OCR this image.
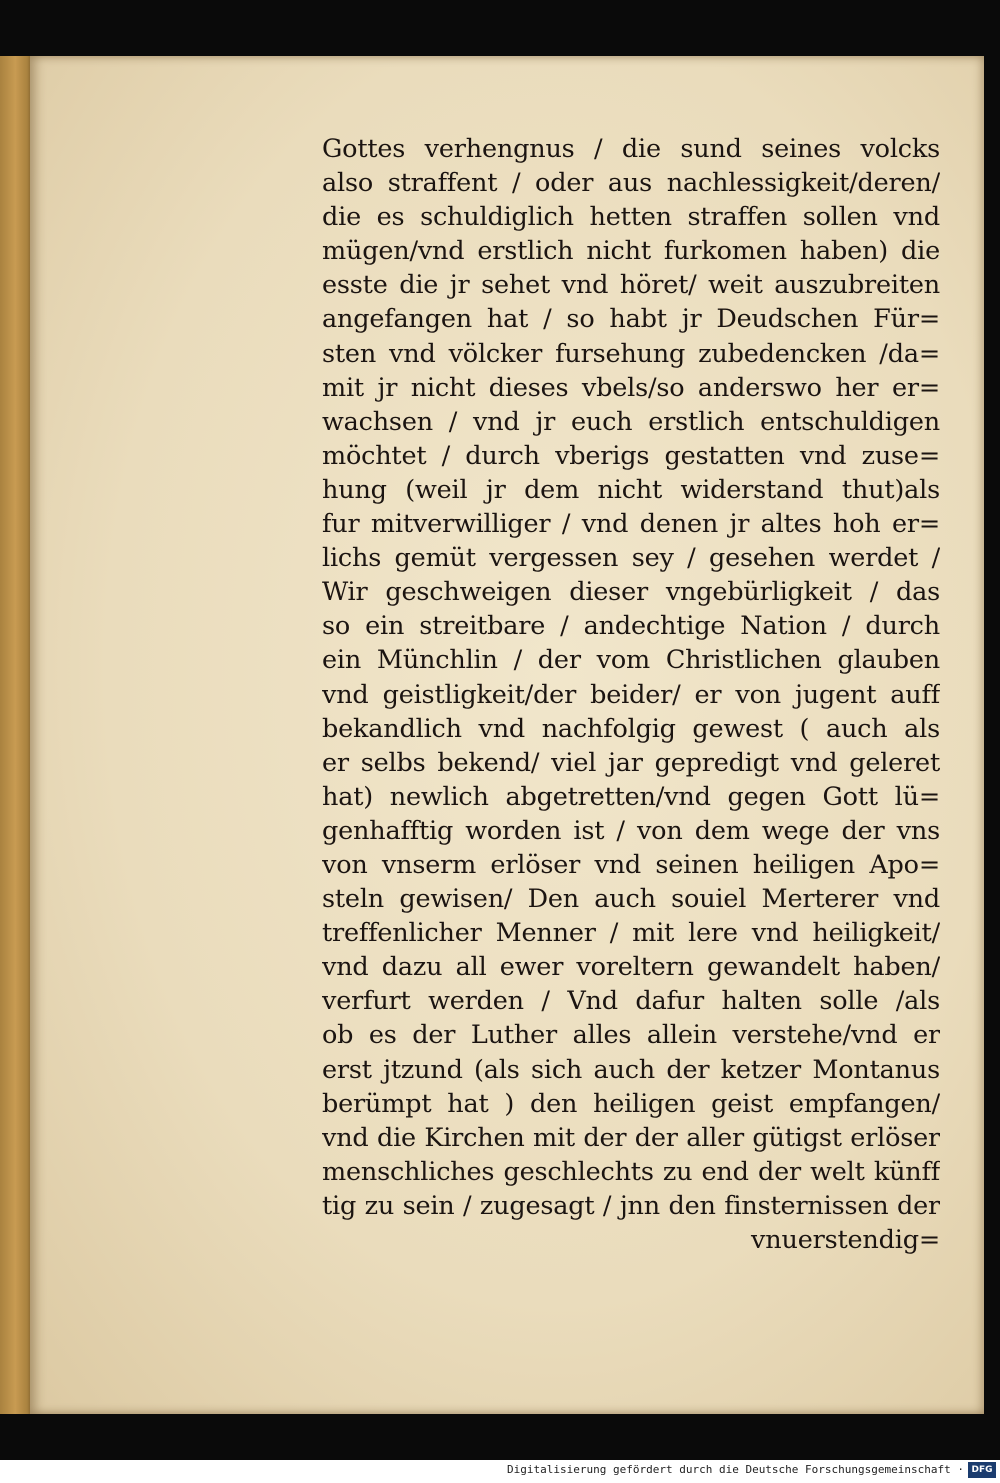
Gottes verhengnus / die sund seines volcks
also straffent / oder aus nachlessigkeit/deren/
die es schuldiglich hetten straffen sollen vnd
mügen/vnd erstlich nicht furkomen haben) die
esste die jr sehet vnd höret/ weit auszubreiten
angefangen hat / so habt jr Deudschen Für=
sten vnd völcker fursehung zubedencken /da=
mit jr nicht dieses vbels/so anderswo her er=
wachsen / vnd jr euch erstlich entschuldigen
möchtet / durch vberigs gestatten vnd zuse=
hung (weil jr dem nicht widerstand thut)als
fur mitverwilliger / vnd denen jr altes hoh er=
lichs gemüt vergessen sey / gesehen werdet /
Wir geschweigen dieser vngebürligkeit / das
so ein streitbare / andechtige Nation / durch
ein Münchlin / der vom Christlichen glauben
vnd geistligkeit/der beider/ er von jugent auff
bekandlich vnd nachfolgig gewest ( auch als
er selbs bekend/ viel jar gepredigt vnd geleret
hat) newlich abgetretten/vnd gegen Gott lü=
genhafftig worden ist / von dem wege der vns
von vnserm erlöser vnd seinen heiligen Apo=
steln gewisen/ Den auch souiel Merterer vnd
treffenlicher Menner / mit lere vnd heiligkeit/
vnd dazu all ewer voreltern gewandelt haben/
verfurt werden / Vnd dafur halten solle /als
ob es der Luther alles allein verstehe/vnd er
erst jtzund (als sich auch der ketzer Montanus
berümpt hat ) den heiligen geist empfangen/
vnd die Kirchen mit der der aller gütigst erlöser
menschliches geschlechts zu end der welt künff
tig zu sein / zugesagt / jnn den finsternissen der
vnuerstendig=
Digitalisierung gefördert durch die Deutsche Forschungsgemeinschaft · DFG
